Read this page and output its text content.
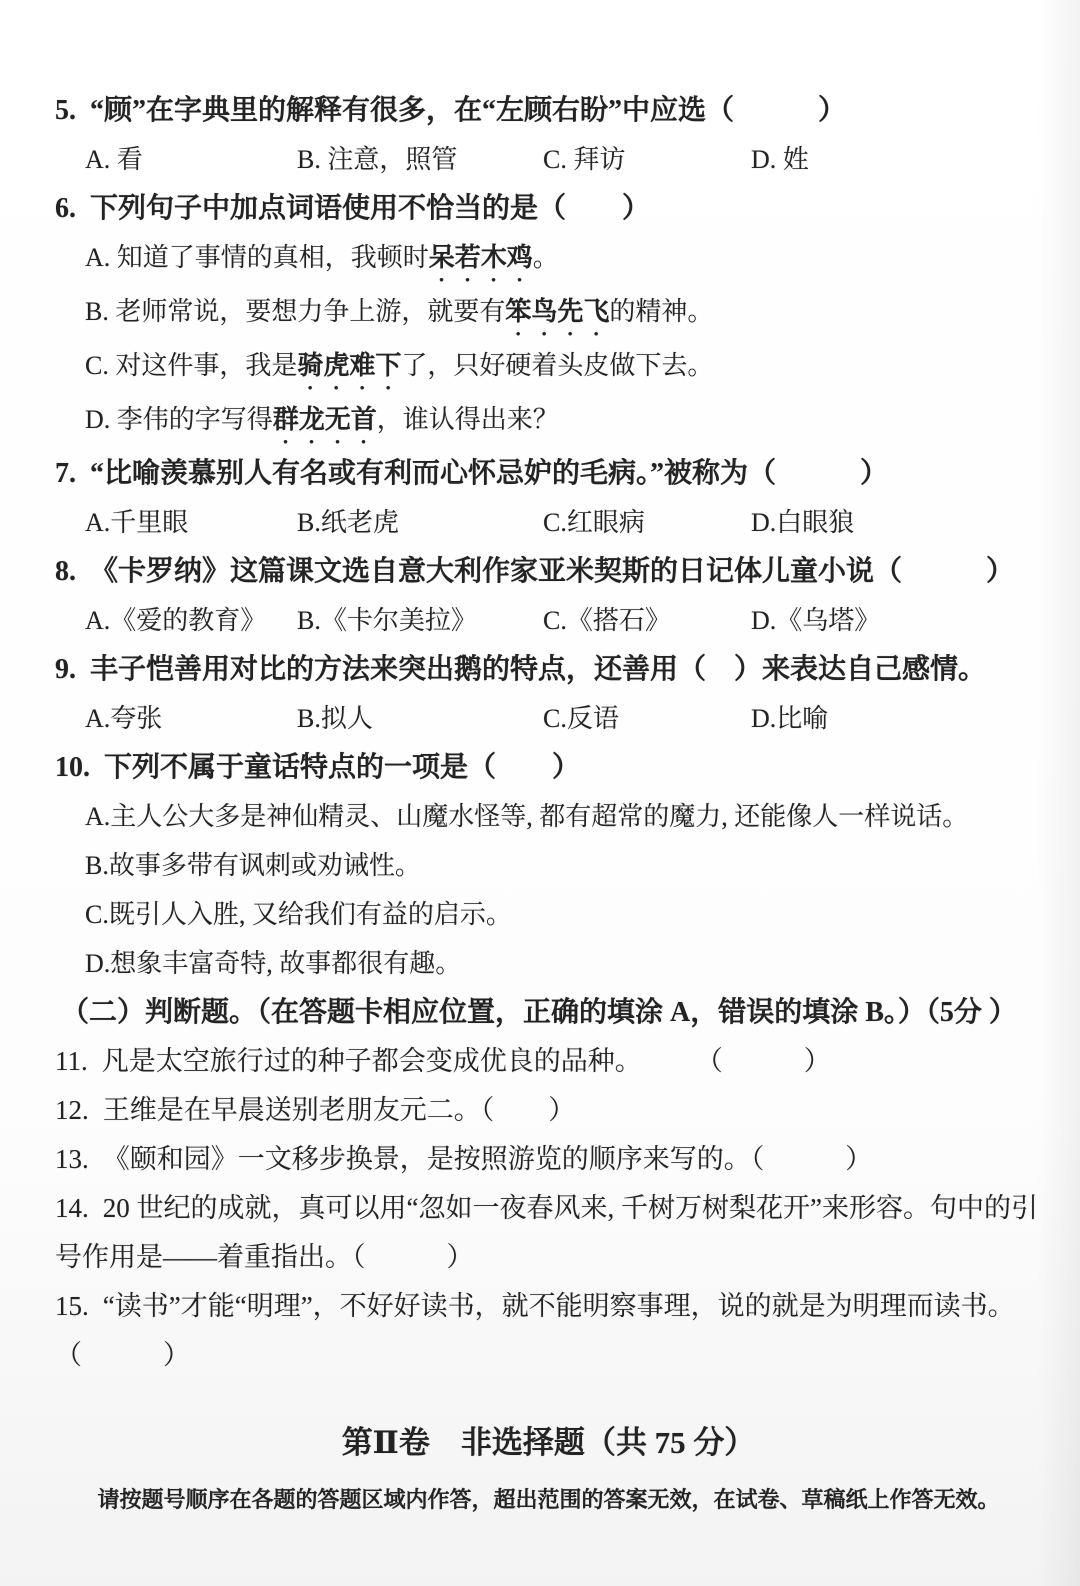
5. “顾”在字典里的解释有很多，在“左顾右盼”中应选（　　　）
A. 看	B. 注意，照管	C. 拜访	D. 姓
6. 下列句子中加点词语使用不恰当的是（　　）
A. 知道了事情的真相，我顿时呆若木鸡。
B. 老师常说，要想力争上游，就要有笨鸟先飞的精神。
C. 对这件事，我是骑虎难下了，只好硬着头皮做下去。
D. 李伟的字写得群龙无首，谁认得出来？
7. “比喻羡慕别人有名或有利而心怀忌妒的毛病。”被称为（　　　）
A.千里眼	B.纸老虎	C.红眼病	D.白眼狼
8. 《卡罗纳》这篇课文选自意大利作家亚米契斯的日记体儿童小说（　　　）
A.《爱的教育》	B.《卡尔美拉》	C.《搭石》	D.《乌塔》
9. 丰子恺善用对比的方法来突出鹅的特点，还善用（　）来表达自己感情。
A.夸张	B.拟人	C.反语	D.比喻
10. 下列不属于童话特点的一项是（　　）
A.主人公大多是神仙精灵、山魔水怪等, 都有超常的魔力, 还能像人一样说话。
B.故事多带有讽刺或劝诫性。
C.既引人入胜, 又给我们有益的启示。
D.想象丰富奇特, 故事都很有趣。
（二）判断题。（在答题卡相应位置，正确的填涂 A，错误的填涂 B。）（5分 ）
11. 凡是太空旅行过的种子都会变成优良的品种。　　　（　　　）
12. 王维是在早晨送别老朋友元二。（　　）
13. 《颐和园》一文移步换景，是按照游览的顺序来写的。（　　　）
14. 20 世纪的成就，真可以用“忽如一夜春风来, 千树万树梨花开”来形容。句中的引号作用是——着重指出。（　　　）
15. “读书”才能“明理”，不好好读书，就不能明察事理，说的就是为明理而读书。（　　　）
第Ⅱ卷　非选择题（共 75 分）
请按题号顺序在各题的答题区域内作答，超出范围的答案无效，在试卷、草稿纸上作答无效。
